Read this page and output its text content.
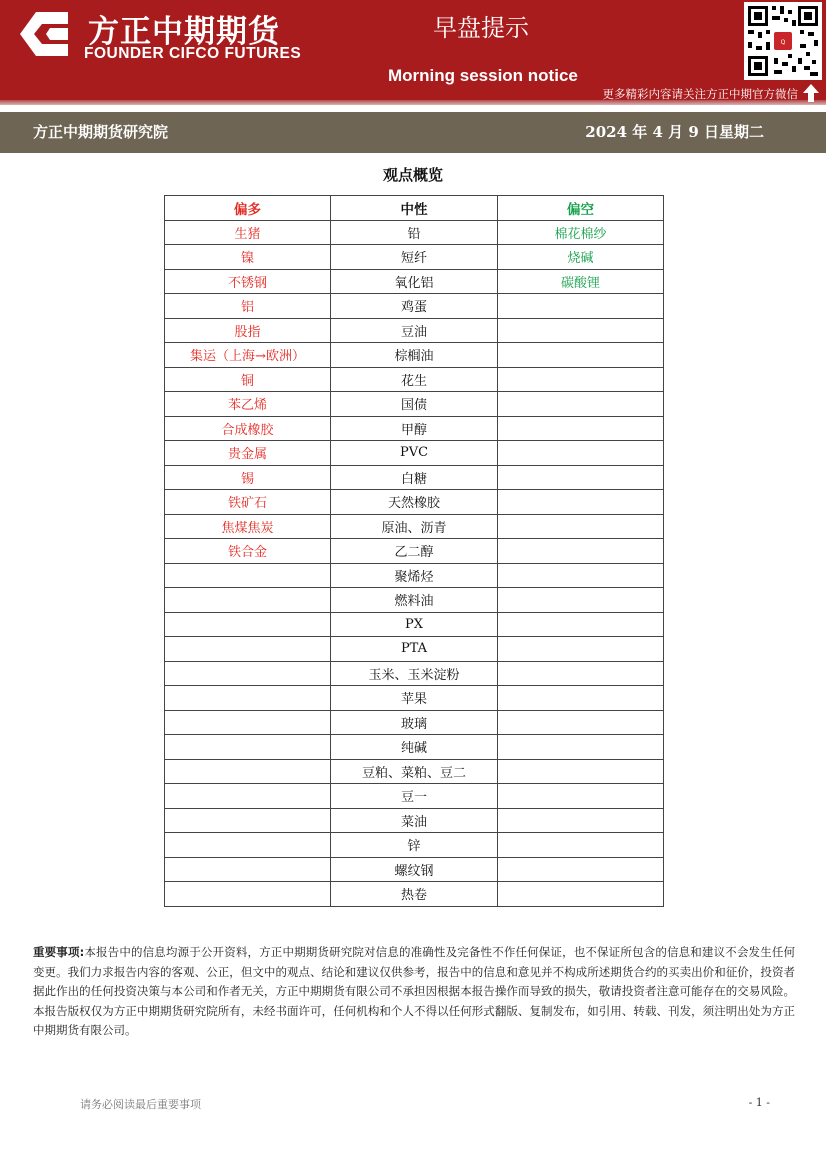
方正中期期货
FOUNDER CIFCO FUTURES
早盘提示
Morning session notice
Q
更多精彩内容请关注方正中期官方微信
方正中期期货研究院	2024 年 4 月 9 日星期二
观点概览
偏多	中性	偏空
生猪	铅	棉花棉纱
镍	短纤	烧碱
不锈钢	氧化铝	碳酸锂
铝	鸡蛋	
股指	豆油	
集运（上海→欧洲）	棕榈油	
铜	花生	
苯乙烯	国债	
合成橡胶	甲醇	
贵金属	PVC	
锡	白糖	
铁矿石	天然橡胶	
焦煤焦炭	原油、沥青	
铁合金	乙二醇	
	聚烯烃	
	燃料油	
	PX	
	PTA	
	玉米、玉米淀粉	
	苹果	
	玻璃	
	纯碱	
	豆粕、菜粕、豆二	
	豆一	
	菜油	
	锌	
	螺纹钢	
	热卷	
重要事项:本报告中的信息均源于公开资料，方正中期期货研究院对信息的准确性及完备性不作任何保证，也不保证所包含的信息和建议不会发生任何变更。我们力求报告内容的客观、公正，但文中的观点、结论和建议仅供参考，报告中的信息和意见并不构成所述期货合约的买卖出价和征价，投资者据此作出的任何投资决策与本公司和作者无关，方正中期期货有限公司不承担因根据本报告操作而导致的损失，敬请投资者注意可能存在的交易风险。本报告版权仅为方正中期期货研究院所有，未经书面许可，任何机构和个人不得以任何形式翻版、复制发布，如引用、转载、刊发，须注明出处为方正中期期货有限公司。
请务必阅读最后重要事项	- 1 -
